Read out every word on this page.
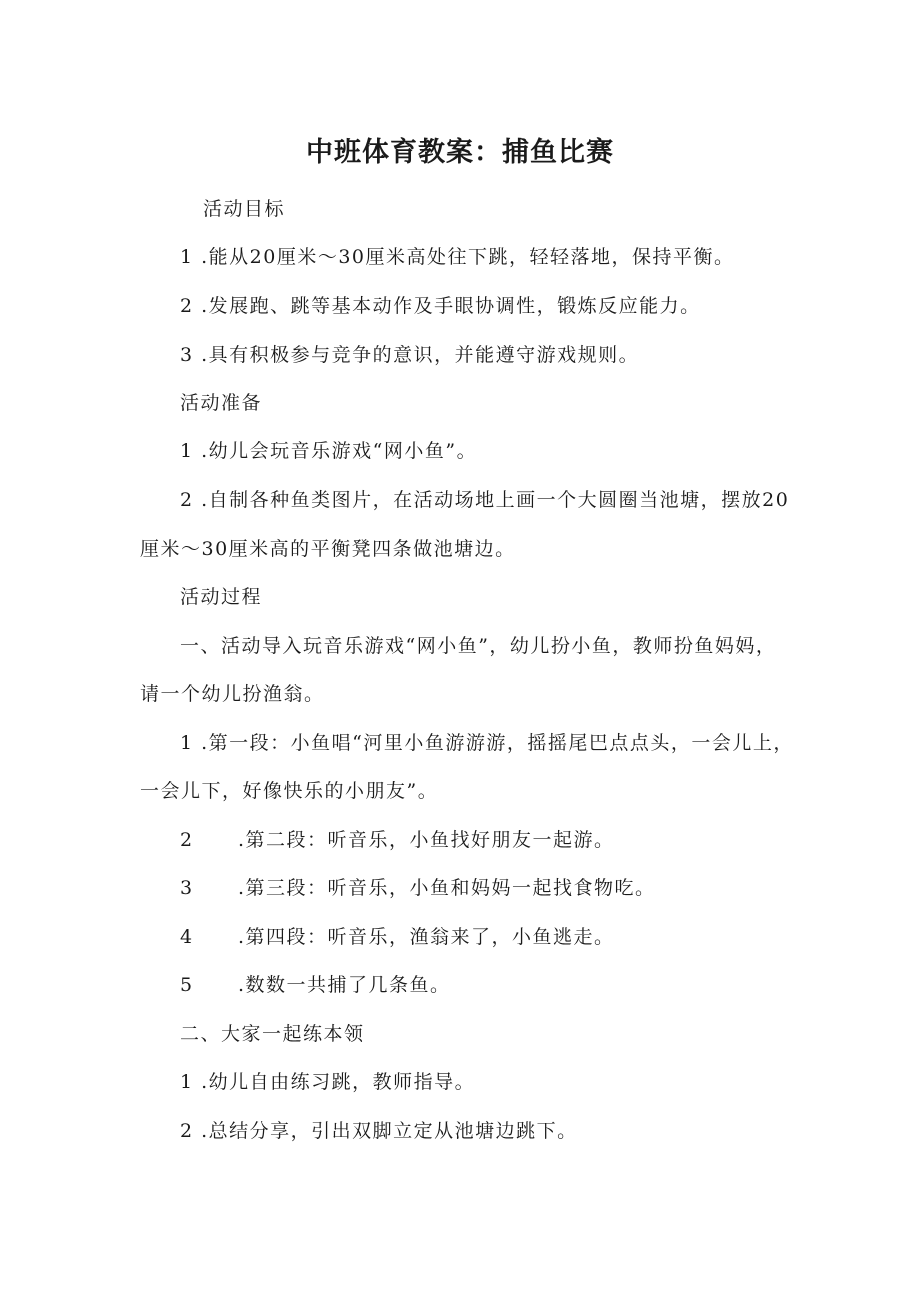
中班体育教案：捕鱼比赛
活动目标
1 .能从20厘米～30厘米高处往下跳，轻轻落地，保持平衡。
2 .发展跑、跳等基本动作及手眼协调性，锻炼反应能力。
3 .具有积极参与竞争的意识，并能遵守游戏规则。
活动准备
1 .幼儿会玩音乐游戏“网小鱼”。
2 .自制各种鱼类图片，在活动场地上画一个大圆圈当池塘，摆放20
厘米～30厘米高的平衡凳四条做池塘边。
活动过程
一、活动导入玩音乐游戏“网小鱼”，幼儿扮小鱼，教师扮鱼妈妈，
请一个幼儿扮渔翁。
1 .第一段：小鱼唱“河里小鱼游游游，摇摇尾巴点点头，一会儿上，
一会儿下，好像快乐的小朋友”。
2 .第二段：听音乐，小鱼找好朋友一起游。
3 .第三段：听音乐，小鱼和妈妈一起找食物吃。
4 .第四段：听音乐，渔翁来了，小鱼逃走。
5 .数数一共捕了几条鱼。
二、大家一起练本领
1 .幼儿自由练习跳，教师指导。
2 .总结分享，引出双脚立定从池塘边跳下。
